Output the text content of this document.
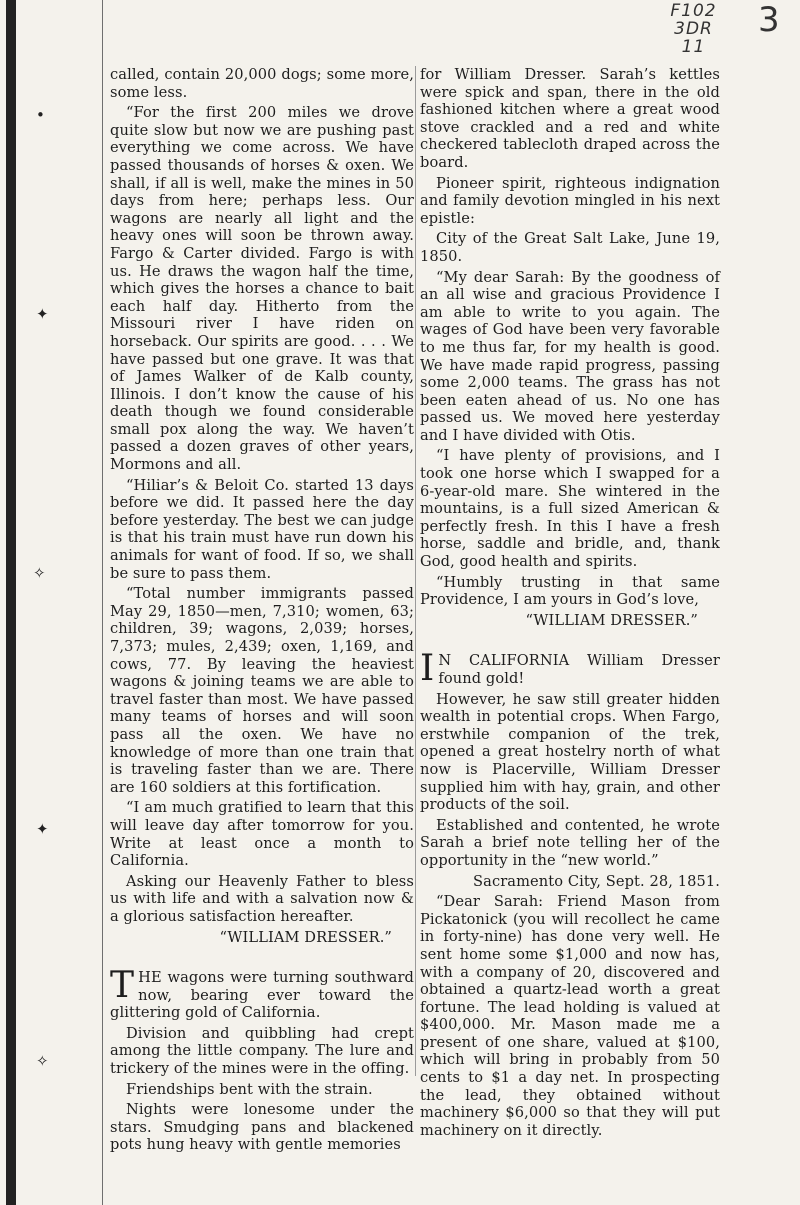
F102
3DR
11
3
•
✦
✧
✦
✧

called, contain 20,000 dogs; some more, some less.

“For the first 200 miles we drove quite slow but now we are pushing past everything we come across. We have passed thousands of horses & oxen. We shall, if all is well, make the mines in 50 days from here; perhaps less. Our wagons are nearly all light and the heavy ones will soon be thrown away. Fargo & Carter divided. Fargo is with us. He draws the wagon half the time, which gives the horses a chance to bait each half day. Hitherto from the Missouri river I have riden on horseback. Our spirits are good. . . . We have passed but one grave. It was that of James Walker of de Kalb county, Illinois. I don’t know the cause of his death though we found considerable small pox along the way. We haven’t passed a dozen graves of other years, Mormons and all.

“Hiliar’s & Beloit Co. started 13 days before we did. It passed here the day before yesterday. The best we can judge is that his train must have run down his animals for want of food. If so, we shall be sure to pass them.

“Total number immigrants passed May 29, 1850—men, 7,310; women, 63; children, 39; wagons, 2,039; horses, 7,373; mules, 2,439; oxen, 1,169, and cows, 77. By leaving the heaviest wagons & joining teams we are able to travel faster than most. We have passed many teams of horses and will soon pass all the oxen. We have no knowledge of more than one train that is traveling faster than we are. There are 160 soldiers at this fortification.

“I am much gratified to learn that this will leave day after tomorrow for you. Write at least once a month to California.

Asking our Heavenly Father to bless us with life and with a salvation now & a glorious satisfaction hereafter.

“WILLIAM DRESSER.”

THE wagons were turning southward now, bearing ever toward the glittering gold of California.

Division and quibbling had crept among the little company. The lure and trickery of the mines were in the offing.

Friendships bent with the strain.

Nights were lonesome under the stars. Smudging pans and blackened pots hung heavy with gentle memories

for William Dresser. Sarah’s kettles were spick and span, there in the old fashioned kitchen where a great wood stove crackled and a red and white checkered tablecloth draped across the board.

Pioneer spirit, righteous indignation and family devotion mingled in his next epistle:

City of the Great Salt Lake, June 19, 1850.

“My dear Sarah: By the goodness of an all wise and gracious Providence I am able to write to you again. The wages of God have been very favorable to me thus far, for my health is good. We have made rapid progress, passing some 2,000 teams. The grass has not been eaten ahead of us. No one has passed us. We moved here yesterday and I have divided with Otis.

“I have plenty of provisions, and I took one horse which I swapped for a 6-year-old mare. She wintered in the mountains, is a full sized American & perfectly fresh. In this I have a fresh horse, saddle and bridle, and, thank God, good health and spirits.

“Humbly trusting in that same Providence, I am yours in God’s love,

“WILLIAM DRESSER.”

I N CALIFORNIA William Dresser found gold!

However, he saw still greater hidden wealth in potential crops. When Fargo, erstwhile companion of the trek, opened a great hostelry north of what now is Placerville, William Dresser supplied him with hay, grain, and other products of the soil.

Established and contented, he wrote Sarah a brief note telling her of the opportunity in the “new world.”

Sacramento City, Sept. 28, 1851.

“Dear Sarah: Friend Mason from Pickatonick (you will recollect he came in forty-nine) has done very well. He sent home some $1,000 and now has, with a company of 20, discovered and obtained a quartz-lead worth a great fortune. The lead holding is valued at $400,000. Mr. Mason made me a present of one share, valued at $100, which will bring in probably from 50 cents to $1 a day net. In prospecting the lead, they obtained without machinery $6,000 so that they will put machinery on it directly.
